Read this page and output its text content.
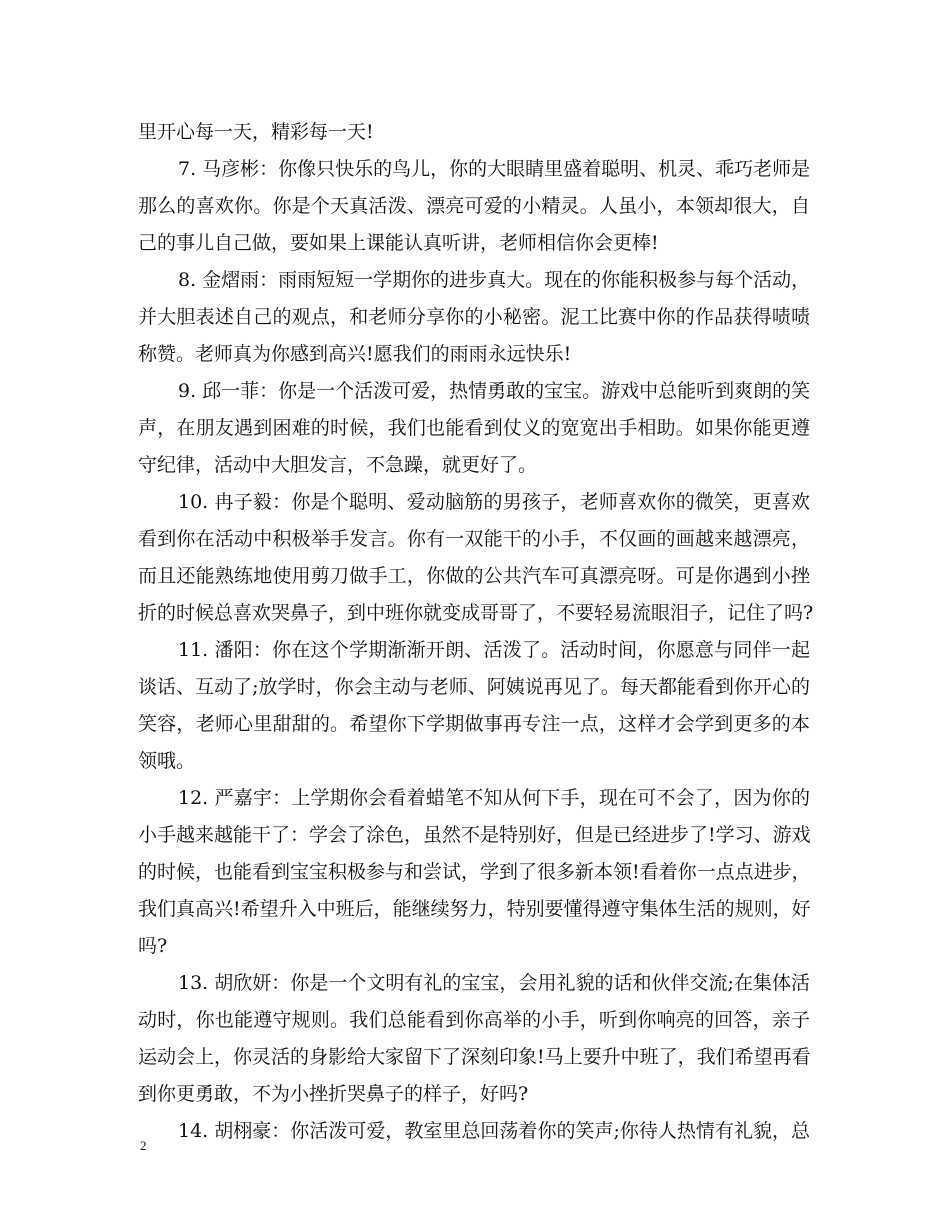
里开心每一天，精彩每一天!
7. 马彦彬：你像只快乐的鸟儿，你的大眼睛里盛着聪明、机灵、乖巧老师是
那么的喜欢你。你是个天真活泼、漂亮可爱的小精灵。人虽小，本领却很大，自
己的事儿自己做，要如果上课能认真听讲，老师相信你会更棒!
8. 金熠雨：雨雨短短一学期你的进步真大。现在的你能积极参与每个活动，
并大胆表述自己的观点，和老师分享你的小秘密。泥工比赛中你的作品获得啧啧
称赞。老师真为你感到高兴!愿我们的雨雨永远快乐!
9. 邱一菲：你是一个活泼可爱，热情勇敢的宝宝。游戏中总能听到爽朗的笑
声，在朋友遇到困难的时候，我们也能看到仗义的宽宽出手相助。如果你能更遵
守纪律，活动中大胆发言，不急躁，就更好了。
10. 冉子毅：你是个聪明、爱动脑筋的男孩子，老师喜欢你的微笑，更喜欢
看到你在活动中积极举手发言。你有一双能干的小手，不仅画的画越来越漂亮，
而且还能熟练地使用剪刀做手工，你做的公共汽车可真漂亮呀。可是你遇到小挫
折的时候总喜欢哭鼻子，到中班你就变成哥哥了，不要轻易流眼泪子，记住了吗?
11. 潘阳：你在这个学期渐渐开朗、活泼了。活动时间，你愿意与同伴一起
谈话、互动了;放学时，你会主动与老师、阿姨说再见了。每天都能看到你开心的
笑容，老师心里甜甜的。希望你下学期做事再专注一点，这样才会学到更多的本
领哦。
12. 严嘉宇：上学期你会看着蜡笔不知从何下手，现在可不会了，因为你的
小手越来越能干了：学会了涂色，虽然不是特别好，但是已经进步了!学习、游戏
的时候，也能看到宝宝积极参与和尝试，学到了很多新本领!看着你一点点进步，
我们真高兴!希望升入中班后，能继续努力，特别要懂得遵守集体生活的规则，好
吗?
13. 胡欣妍：你是一个文明有礼的宝宝，会用礼貌的话和伙伴交流;在集体活
动时，你也能遵守规则。我们总能看到你高举的小手，听到你响亮的回答，亲子
运动会上，你灵活的身影给大家留下了深刻印象!马上要升中班了，我们希望再看
到你更勇敢，不为小挫折哭鼻子的样子，好吗?
14. 胡栩豪：你活泼可爱，教室里总回荡着你的笑声;你待人热情有礼貌，总
2
